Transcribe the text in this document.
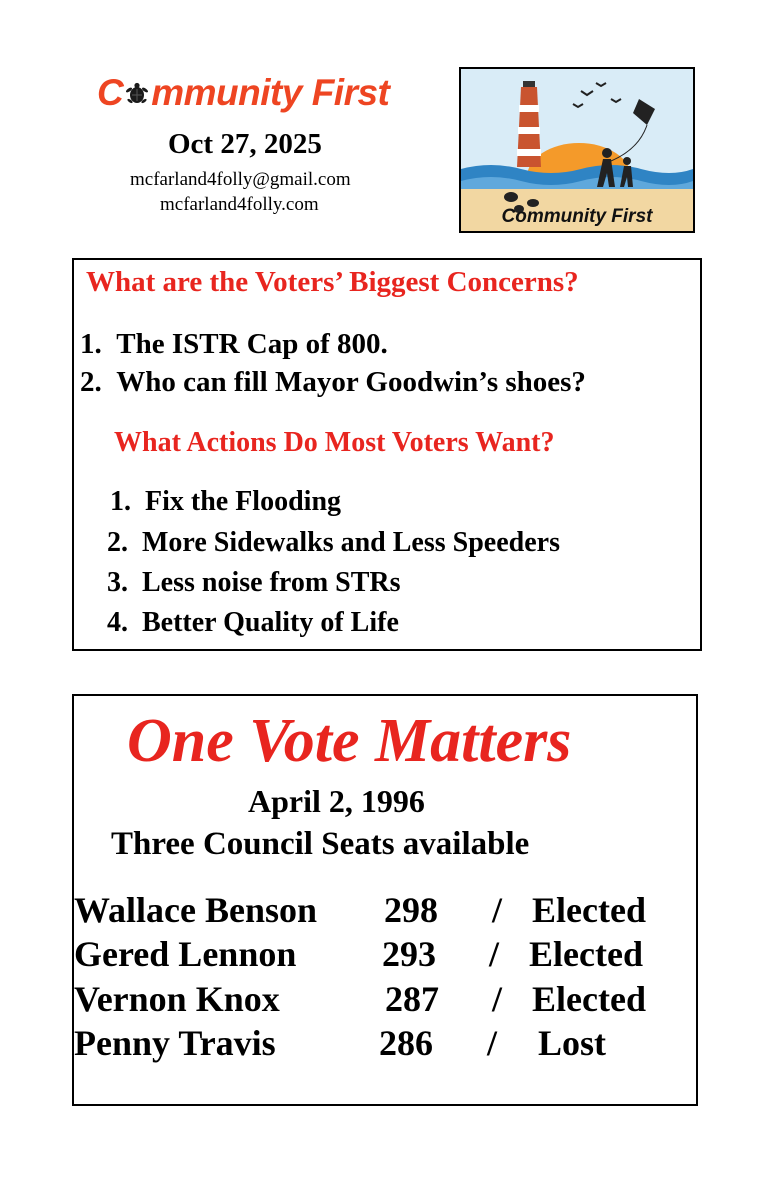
C mmunity First
Oct 27, 2025
mcfarland4folly@gmail.com
mcfarland4folly.com
Community First
What are the Voters’ Biggest Concerns?
1. The ISTR Cap of 800.
2. Who can fill Mayor Goodwin’s shoes?
What Actions Do Most Voters Want?
1. Fix the Flooding
2. More Sidewalks and Less Speeders
3. Less noise from STRs
4. Better Quality of Life
One Vote Matters
April 2, 1996
Three Council Seats available
Wallace Benson 298 / Elected
Gered Lennon 293 / Elected
Vernon Knox	287 / Elected
Penny Travis	286 / Lost
